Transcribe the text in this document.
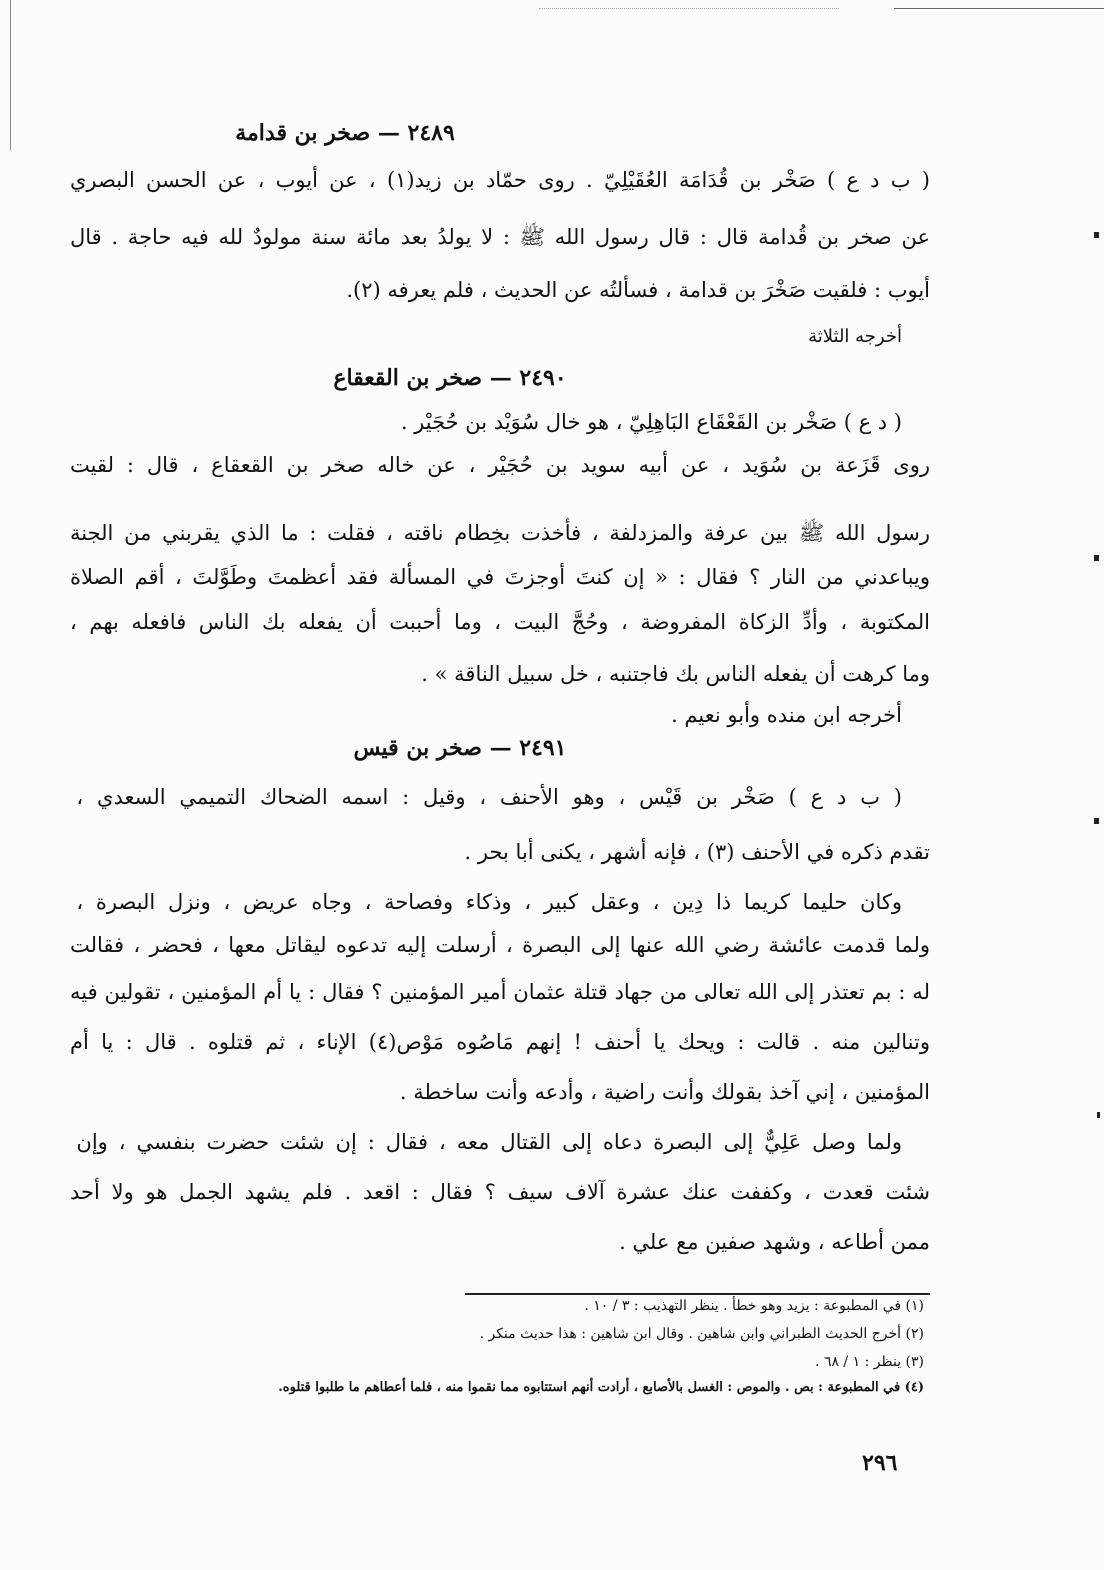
٢٤٨٩ — صخر بن قدامة
( ب د ع ) صَخْر بن قُدَامَة العُقَيْلِيّ . روى حمّاد بن زيد(١) ، عن أيوب ، عن الحسن البصري
عن صخر بن قُدامة قال : قال رسول الله ﷺ : لا يولدُ بعد مائة سنة مولودٌ لله فيه حاجة . قال
أيوب : فلقيت صَخْرَ بن قدامة ، فسألتُه عن الحديث ، فلم يعرفه (٢).
أخرجه الثلاثة
٢٤٩٠ — صخر بن القعقاع
( د ع ) صَخْر بن القَعْقَاع البَاهِلِيّ ، هو خال سُوَيْد بن حُجَيْر .
روى قَزَعة بن سُوَيد ، عن أبيه سويد بن حُجَيْر ، عن خاله صخر بن القعقاع ، قال : لقيت
رسول الله ﷺ بين عرفة والمزدلفة ، فأخذت بخِطام ناقته ، فقلت : ما الذي يقربني من الجنة
ويباعدني من النار ؟ فقال : « إن كنتَ أوجزتَ في المسألة فقد أعظمتَ وطَوَّلتَ ، أقم الصلاة
المكتوبة ، وأدِّ الزكاة المفروضة ، وحُجَّ البيت ، وما أحببت أن يفعله بك الناس فافعله بهم ،
وما كرهت أن يفعله الناس بك فاجتنبه ، خل سبيل الناقة » .
أخرجه ابن منده وأبو نعيم .
٢٤٩١ — صخر بن قيس
( ب د ع ) صَخْر بن قَيْس ، وهو الأحنف ، وقيل : اسمه الضحاك التميمي السعدي ،
تقدم ذكره في الأحنف (٣) ، فإنه أشهر ، يكنى أبا بحر .
وكان حليما كريما ذا دِين ، وعقل كبير ، وذكاء وفصاحة ، وجاه عريض ، ونزل البصرة ،
ولما قدمت عائشة رضي الله عنها إلى البصرة ، أرسلت إليه تدعوه ليقاتل معها ، فحضر ، فقالت
له : بم تعتذر إلى الله تعالى من جهاد قتلة عثمان أمير المؤمنين ؟ فقال : يا أم المؤمنين ، تقولين فيه
وتنالين منه . قالت : ويحك يا أحنف ! إنهم مَاصُوه مَوْص(٤) الإناء ، ثم قتلوه . قال : يا أم
المؤمنين ، إني آخذ بقولك وأنت راضية ، وأدعه وأنت ساخطة .
ولما وصل عَلِيٌّ إلى البصرة دعاه إلى القتال معه ، فقال : إن شئت حضرت بنفسي ، وإن
شئت قعدت ، وكففت عنك عشرة آلاف سيف ؟ فقال : اقعد . فلم يشهد الجمل هو ولا أحد
ممن أطاعه ، وشهد صفين مع علي .
(١) في المطبوعة : يزيد وهو خطأ . ينظر التهذيب : ٣ / ١٠ .
(٢) أخرج الحديث الطبراني وابن شاهين . وقال ابن شاهين : هذا حديث منكر .
(٣) ينظر : ١ / ٦٨ .
(٤) في المطبوعة : بص . والموص : الغسل بالأصابع ، أرادت أنهم استتابوه مما نقموا منه ، فلما أعطاهم ما طلبوا قتلوه.
٢٩٦
